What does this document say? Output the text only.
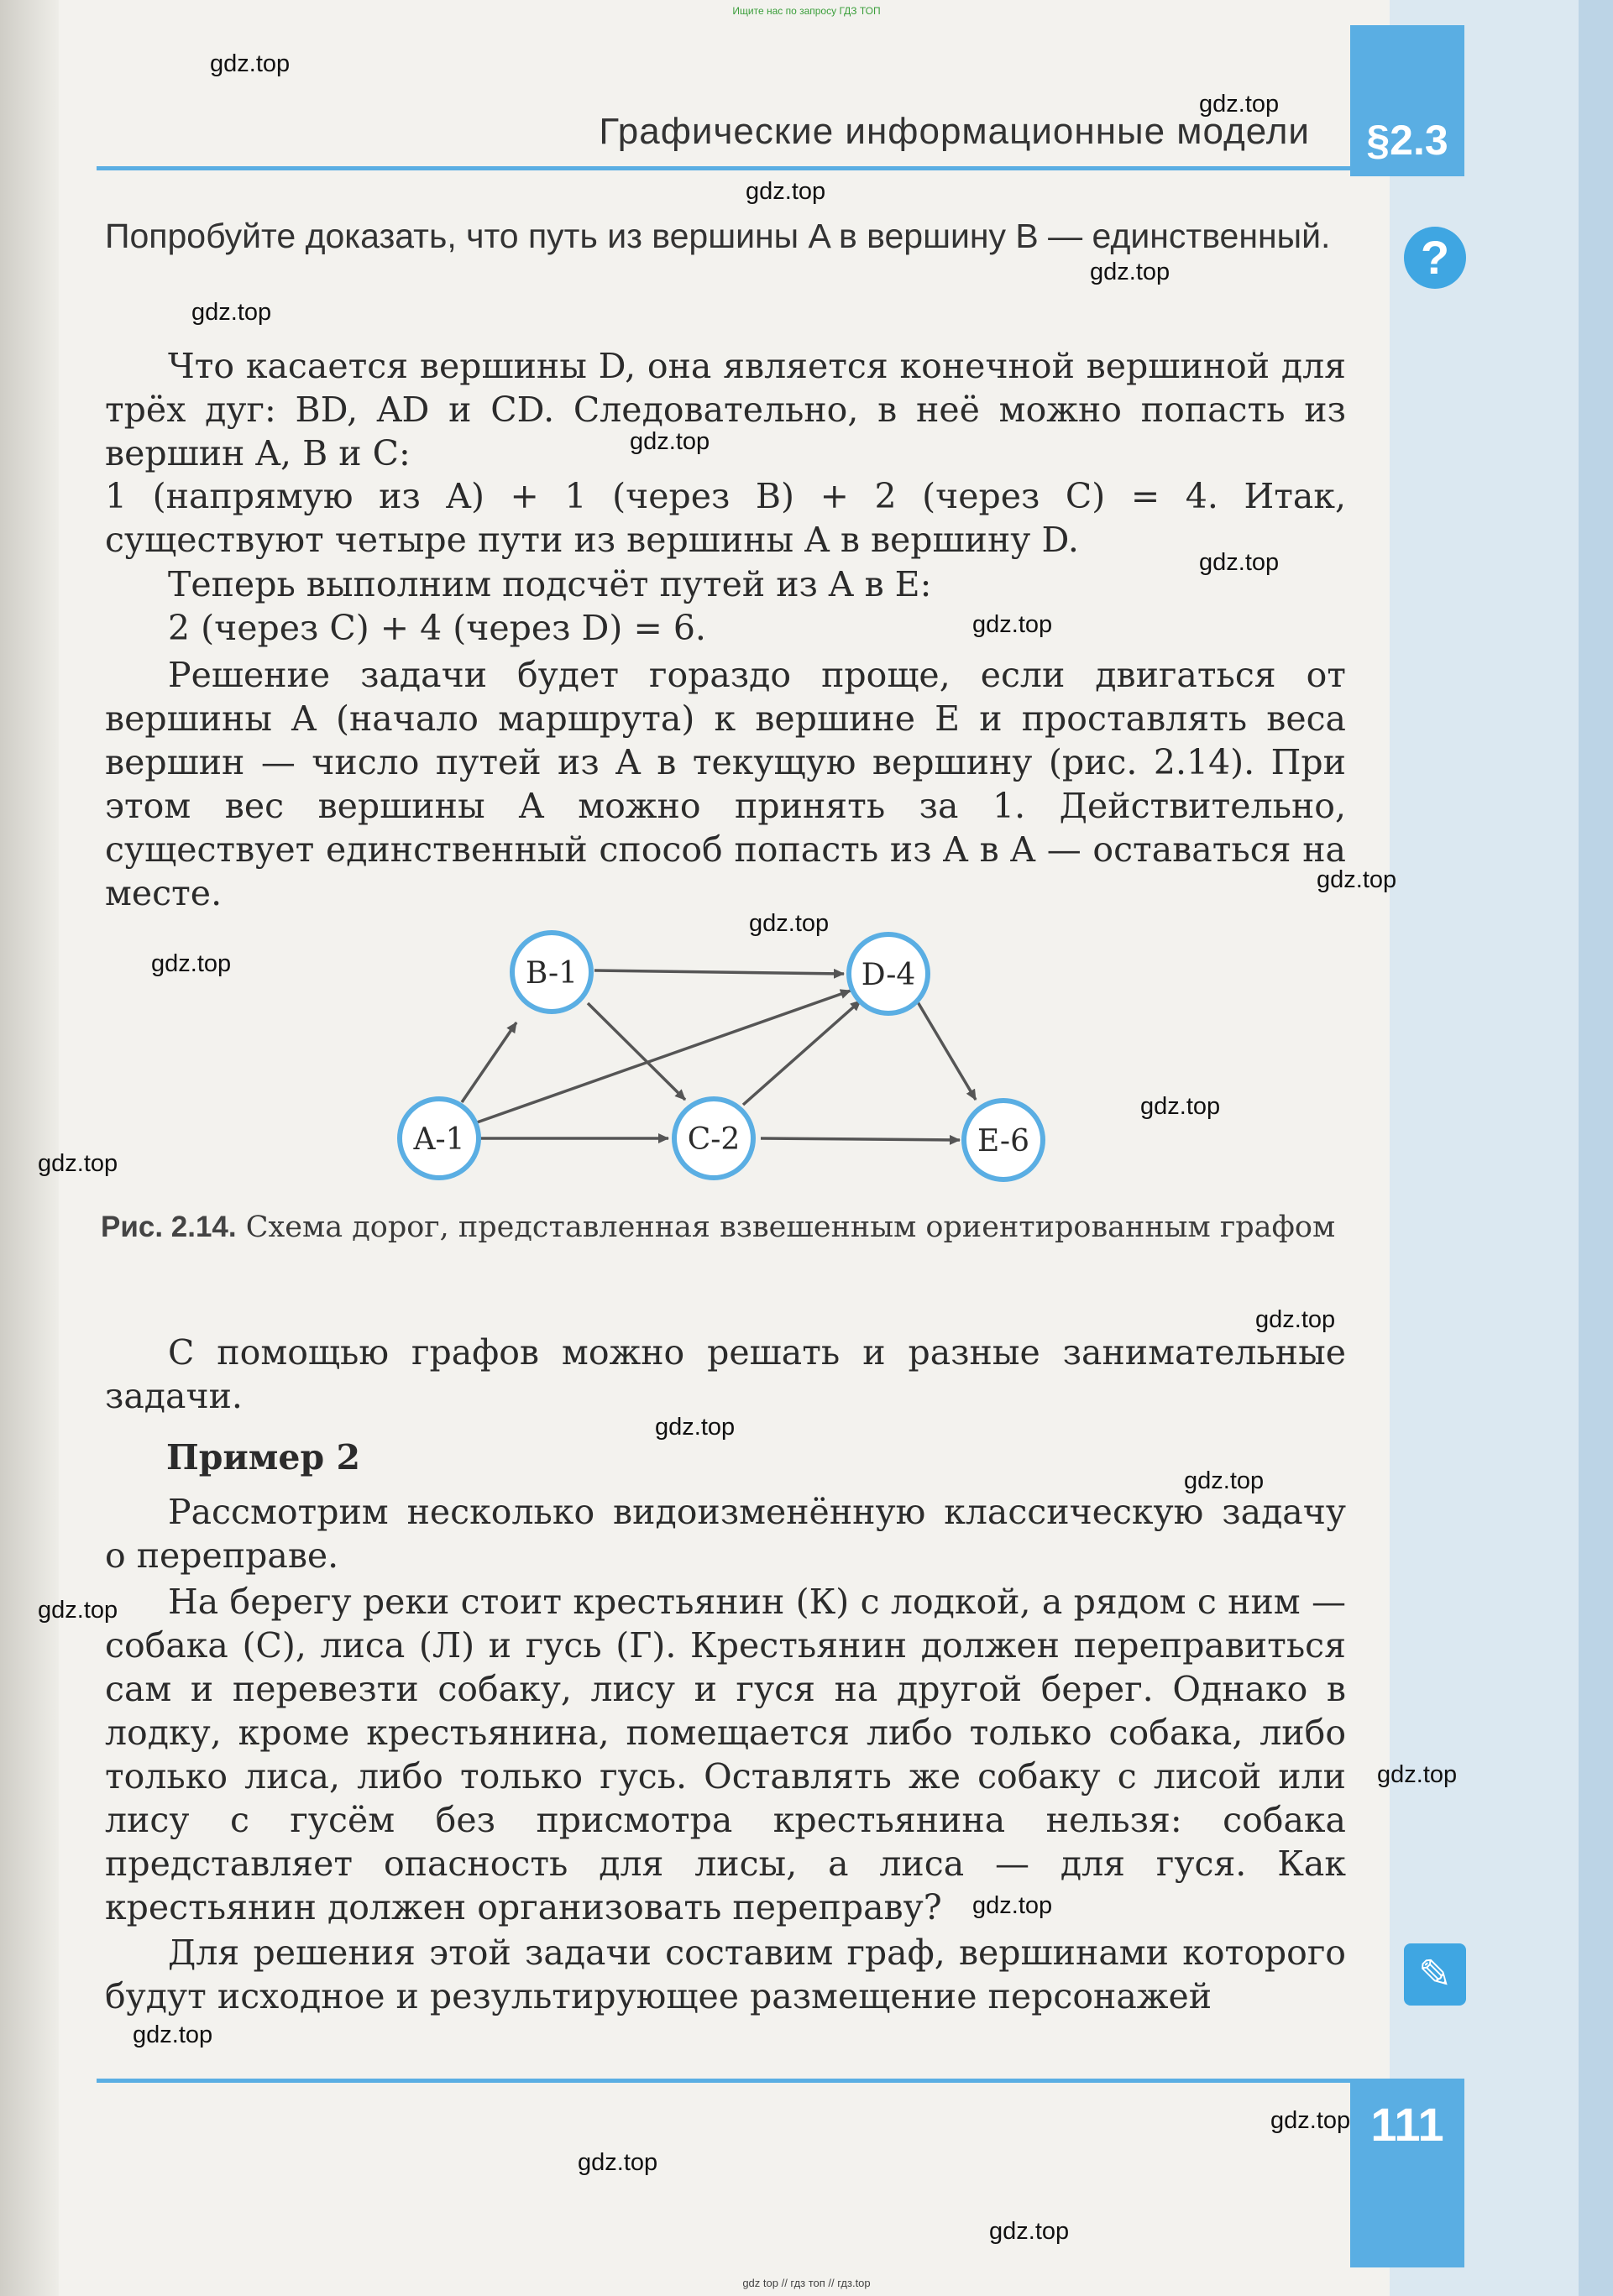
Ищите нас по запросу ГДЗ ТОП
§2.3
Графические информационные модели
?

Попробуйте доказать, что путь из вершины A в вершину B — единственный.

Что касается вершины D, она является конечной вершиной для трёх дуг: BD, AD и CD. Следовательно, в неё можно попасть из вершин A, B и C:

1 (напрямую из A) + 1 (через B) + 2 (через C) = 4. Итак, существуют четыре пути из вершины A в вершину D.

Теперь выполним подсчёт путей из A в E:

2 (через C) + 4 (через D) = 6.

Решение задачи будет гораздо проще, если двигаться от вершины A (начало маршрута) к вершине E и проставлять веса вершин — число путей из A в текущую вершину (рис. 2.14). При этом вес вершины A можно принять за 1. Действительно, существует единственный способ попасть из A в A — оставаться на месте.

A-1
B-1
C-2
D-4
E-6
Рис. 2.14. Схема дорог, представленная взвешенным ориентированным графом

С помощью графов можно решать и разные занимательные задачи.

Пример 2

Рассмотрим несколько видоизменённую классическую задачу о переправе.

На берегу реки стоит крестьянин (К) с лодкой, а рядом с ним — собака (С), лиса (Л) и гусь (Г). Крестьянин должен переправиться сам и перевезти собаку, лису и гуся на другой берег. Однако в лодку, кроме крестьянина, помещается либо только собака, либо только лиса, либо только гусь. Оставлять же собаку с лисой или лису с гусём без присмотра крестьянина нельзя: собака представляет опасность для лисы, а лиса — для гуся. Как крестьянин должен организовать переправу?

Для решения этой задачи составим граф, вершинами которого будут исходное и результирующее размещение персонажей	✎
111
gdz.top
gdz.top
gdz.top
gdz.top
gdz.top
gdz.top
gdz.top
gdz.top
gdz.top
gdz.top
gdz.top
gdz.top
gdz.top
gdz.top
gdz.top
gdz.top
gdz.top
gdz.top
gdz.top
gdz.top
gdz.top
gdz.top
gdz.top
gdz top // гдз топ // гдз.top
